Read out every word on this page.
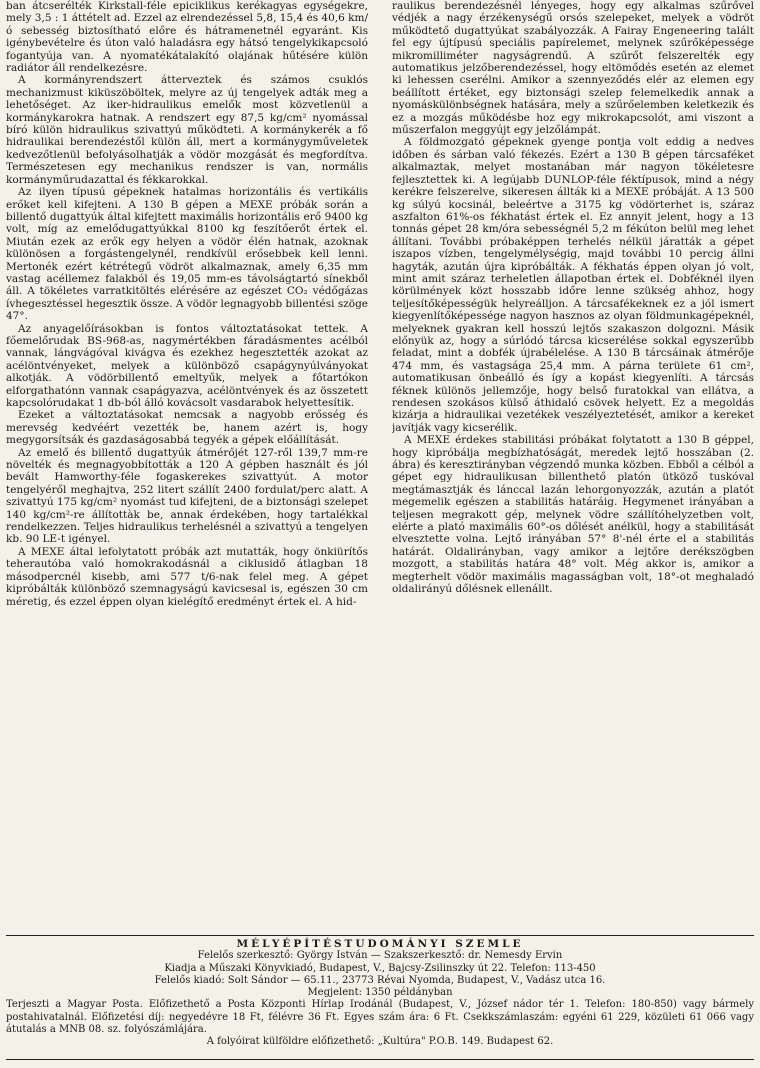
ban átcserélték Kirkstall-féle epiciklikus kerékagyas egységekre, mely 3,5 : 1 áttételt ad. Ezzel az elrendezéssel 5,8, 15,4 és 40,6 km/ó sebesség biztosítható előre és hátramenetnél egyaránt. Kis igénybevételre és úton való haladásra egy hátsó tengelykikapcsoló fogantyúja van. A nyomatékátalakító olajának hűtésére külön radiátor áll rendelkezésre.

A kormányrendszert átterveztek és számos csuklós mechanizmust kiküszöböltek, melyre az új tengelyek adták meg a lehetőséget. Az iker-hidraulikus emelők most közvetlenül a kormánykarokra hatnak. A rendszert egy 87,5 kg/cm² nyomással bíró külön hidraulikus szivattyú működteti. A kormánykerék a fő hidraulikai berendezéstől külön áll, mert a kormánygyműveletek kedvezőtlenül befolyásolhatják a vödör mozgását és megfordítva. Természetesen egy mechanikus rendszer is van, normális kormányműrudazattal és fékkarokkal.

Az ilyen típusú gépeknek hatalmas horizontális és vertikális erőket kell kifejteni. A 130 B gépen a MEXE próbák során a billentő dugattyúk által kifejtett maximális horizontális erő 9400 kg volt, míg az emelődugattyúkkal 8100 kg feszítőerőt értek el. Miután ezek az erők egy helyen a vödör élén hatnak, azoknak különösen a forgástengelynél, rendkívül erősebbek kell lenni. Mertonék ezért kétrétegű vödröt alkalmaznak, amely 6,35 mm vastag acéllemez falakból és 19,05 mm-es távolságtartó sínekből áll. A tökéletes varratkitöltés elérésére az egészet CO₂ védőgázas ívhegesztéssel hegesztik össze. A vödör legnagyobb billentési szöge 47°.

Az anyagelőírásokban is fontos változtatásokat tettek. A főemelőrudak BS-968-as, nagymértékben fáradásmentes acélból vannak, lángvágóval kivágva és ezekhez hegesztették azokat az acélöntvényeket, melyek a különböző csapágynyúlványokat alkotják. A vödörbillentő emeltyűk, melyek a főtartókon elforgathatónn vannak csapágyazva, acélöntvények és az összetett kapcsolórudakat 1 db-ból álló kovácsolt vasdarabok helyettesítik.

Ezeket a változtatásokat nemcsak a nagyobb erősség és merevség kedvéért vezették be, hanem azért is, hogy megygorsítsák és gazdaságosabbá tegyék a gépek előállítását.

Az emelő és billentő dugattyúk átmérőjét 127-ről 139,7 mm-re növelték és megnagyobbították a 120 A gépben használt és jól bevált Hamworthy-féle fogaskerekes szivattyút. A motor tengelyéről meghajtva, 252 litert szállít 2400 fordulat/perc alatt. A szivattyú 175 kg/cm² nyomást tud kifejteni, de a biztonsági szelepet 140 kg/cm²-re állítottàk be, annak érdekében, hogy tartalékkal rendelkezzen. Teljes hidraulikus terhelésnél a szivattyú a tengelyen kb. 90 LE-t igényel.

A MEXE által lefolytatott próbák azt mutatták, hogy önkiürítős teherautóba való homokrakodásnál a ciklusidő átlagban 18 másodpercnél kisebb, ami 577 t/6-nak felel meg. A gépet kipróbálták különböző szemnagyságú kavicsesal is, egészen 30 cm méretig, és ezzel éppen olyan kielégítő eredményt értek el. A hid-

raulikus berendezésnél lényeges, hogy egy alkalmas szűrővel védjék a nagy érzékenységű orsós szelepeket, melyek a vödröt működtető dugattyúkat szabályozzák. A Fairay Engeneering talált fel egy újtípusú speciális papírelemet, melynek szűrőképessége mikromilliméter nagyságrendű. A szűrőt felszerelték egy automatikus jelzőberendezéssel, hogy eltömődés esetén az elemet ki lehessen cserélni. Amikor a szennyeződés elér az elemen egy beállított értéket, egy biztonsági szelep felemelkedik annak a nyomáskülönbségnek hatására, mely a szűrőelemben keletkezik és ez a mozgás működésbe hoz egy mikrokapcsolót, ami viszont a műszerfalon meggyújt egy jelzőlámpát.

A földmozgató gépeknek gyenge pontja volt eddig a nedves időben és sárban való fékezés. Ezért a 130 B gépen tárcsaféket alkalmaztak, melyet mostanában már nagyon tökéletesre fejlesztettek ki. A legújabb DUNLOP-féle féktípusok, mind a négy kerékre felszerelve, sikeresen állták ki a MEXE próbáját. A 13 500 kg súlyú kocsinál, beleértve a 3175 kg vödörterhet is, száraz aszfalton 61%-os fékhatást értek el. Ez annyit jelent, hogy a 13 tonnás gépet 28 km/óra sebességnél 5,2 m fékúton belül meg lehet állítani. További próbaképpen terhelés nélkül járatták a gépet iszapos vízben, tengelymélységig, majd további 10 percig állni hagyták, azután újra kipróbálták. A fékhatás éppen olyan jó volt, mint amit száraz terheletlen állapotban értek el. Dobféknél ilyen körülmények közt hosszabb időre lenne szükség ahhoz, hogy teljesítőképességük helyreálljon. A tárcsafékeknek ez a jól ismert kiegyenlítőképessége nagyon hasznos az olyan földmunkagépeknél, melyeknek gyakran kell hosszú lejtős szakaszon dolgozni. Másik előnyük az, hogy a súrlódó tárcsa kicserélése sokkal egyszerűbb feladat, mint a dobfék újrabélelése. A 130 B tárcsáinak átmérője 474 mm, és vastagsága 25,4 mm. A párna területe 61 cm², automatikusan önbeálló és így a kopást kiegyenlíti. A tárcsás féknek különös jellemzője, hogy belső furatokkal van ellátva, a rendesen szokásos külső áthidaló csövek helyett. Ez a megoldás kizárja a hidraulikai vezetékek veszélyeztetését, amikor a kereket javítják vagy kicserélik.

A MEXE érdekes stabilitási próbákat folytatott a 130 B géppel, hogy kipróbálja megbízhatóságát, meredek lejtő hosszában (2. ábra) és keresztirányban végzendő munka közben. Ebből a célból a gépet egy hidraulikusan billenthető platón ütköző tuskóval megtámasztják és lánccal lazán lehorgonyozzák, azután a platót megemelik egészen a stabilitás határáig. Hegymenet irányában a teljesen megrakott gép, melynek vödre szállítóhelyzetben volt, elérte a plató maximális 60°-os dőlését anélkül, hogy a stabilitását elvesztette volna. Lejtő irányában 57° 8'-nél érte el a stabilitás határát. Oldalirányban, vagy amikor a lejtőre derékszögben mozgott, a stabilitás határa 48° volt. Még akkor is, amikor a megterhelt vödör maximális magasságban volt, 18°-ot meghaladó oldalirányú dőlésnek ellenállt.

MÉLYÉPÍTÉSTUDOMÁNYI SZEMLE
Felelős szerkesztő: György István — Szakszerkesztő: dr. Nemesdy Ervin
Kiadja a Műszaki Könyvkiadó, Budapest, V., Bajcsy-Zsilinszky út 22. Telefon: 113-450
Felelős kiadó: Solt Sándor — 65.11., 23773 Révai Nyomda, Budapest, V., Vadász utca 16.
Megjelent: 1350 példányban
Terjeszti a Magyar Posta. Előfizethető a Posta Központi Hírlap Irodánál (Budapest, V., József nádor tér 1. Telefon: 180-850) vagy bármely postahivatalnál. Előfizetési díj: negyedévre 18 Ft, félévre 36 Ft. Egyes szám ára: 6 Ft. Csekkszámlaszám: egyéni 61 229, közületi 61 066 vagy átutalás a MNB 08. sz. folyószámlájára.
A folyóirat külföldre előfizethető: „Kultúra" P.O.B. 149. Budapest 62.
